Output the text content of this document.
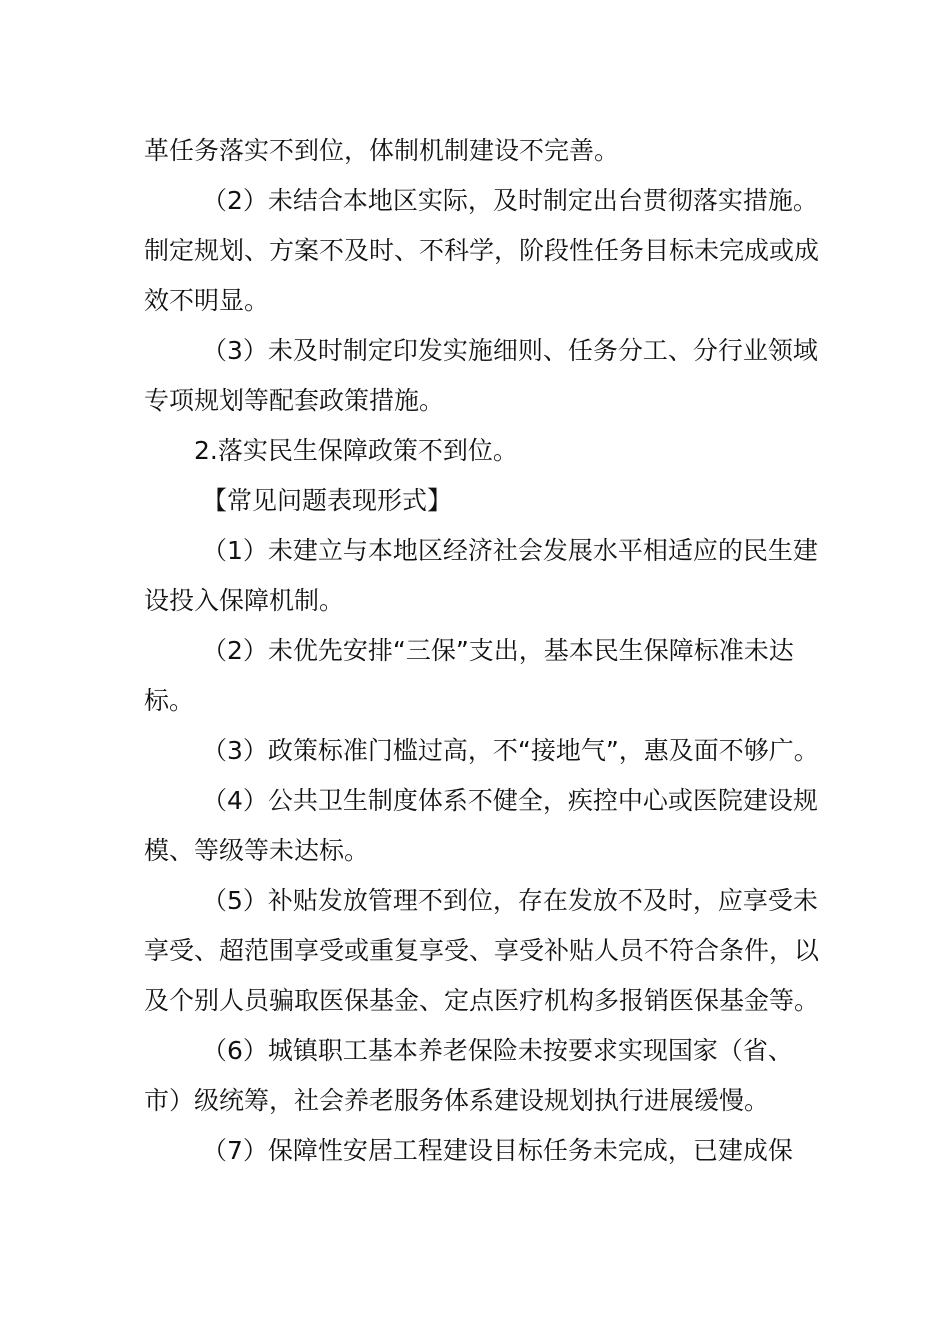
革任务落实不到位，体制机制建设不完善。

（2）未结合本地区实际，及时制定出台贯彻落实措施。制定规划、方案不及时、不科学，阶段性任务目标未完成或成效不明显。

（3）未及时制定印发实施细则、任务分工、分行业领域专项规划等配套政策措施。

2.落实民生保障政策不到位。

【常见问题表现形式】

（1）未建立与本地区经济社会发展水平相适应的民生建设投入保障机制。

（2）未优先安排“三保”支出，基本民生保障标准未达标。

（3）政策标准门槛过高，不“接地气”，惠及面不够广。

（4）公共卫生制度体系不健全，疾控中心或医院建设规模、等级等未达标。

（5）补贴发放管理不到位，存在发放不及时，应享受未享受、超范围享受或重复享受、享受补贴人员不符合条件，以及个别人员骗取医保基金、定点医疗机构多报销医保基金等。

（6）城镇职工基本养老保险未按要求实现国家（省、市）级统筹，社会养老服务体系建设规划执行进展缓慢。

（7）保障性安居工程建设目标任务未完成，已建成保
